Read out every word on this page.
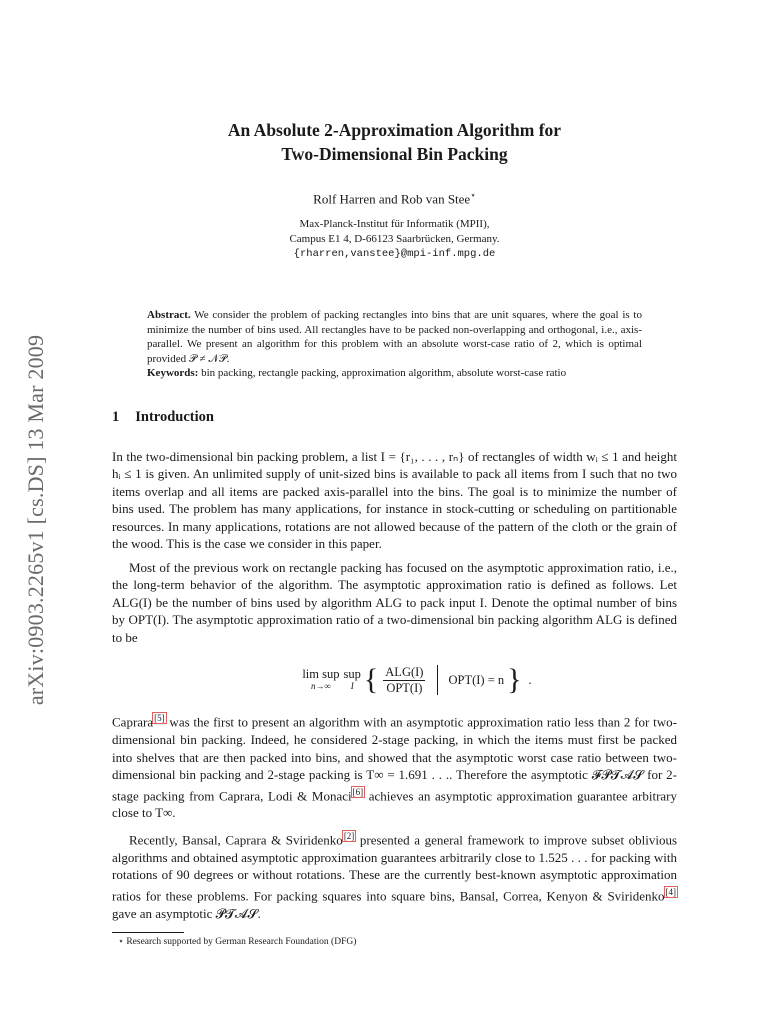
arXiv:0903.2265v1 [cs.DS] 13 Mar 2009
An Absolute 2-Approximation Algorithm for
Two-Dimensional Bin Packing
Rolf Harren and Rob van Stee⋆
Max-Planck-Institut für Informatik (MPII),
Campus E1 4, D-66123 Saarbrücken, Germany.
{rharren,vanstee}@mpi-inf.mpg.de
Abstract. We consider the problem of packing rectangles into bins that are unit squares, where the goal is to minimize the number of bins used. All rectangles have to be packed non-overlapping and orthogonal, i.e., axis-parallel. We present an algorithm for this problem with an absolute worst-case ratio of 2, which is optimal provided 𝒫 ≠ 𝒩𝒫.
Keywords: bin packing, rectangle packing, approximation algorithm, absolute worst-case ratio
1 Introduction

In the two-dimensional bin packing problem, a list I = {r₁, . . . , rₙ} of rectangles of width wᵢ ≤ 1 and height hᵢ ≤ 1 is given. An unlimited supply of unit-sized bins is available to pack all items from I such that no two items overlap and all items are packed axis-parallel into the bins. The goal is to minimize the number of bins used. The problem has many applications, for instance in stock-cutting or scheduling on partitionable resources. In many applications, rotations are not allowed because of the pattern of the cloth or the grain of the wood. This is the case we consider in this paper.

Most of the previous work on rectangle packing has focused on the asymptotic approximation ratio, i.e., the long-term behavior of the algorithm. The asymptotic approximation ratio is defined as follows. Let ALG(I) be the number of bins used by algorithm ALG to pack input I. Denote the optimal number of bins by OPT(I). The asymptotic approximation ratio of a two-dimensional bin packing algorithm ALG is defined to be

lim sup
n→∞
sup
I { $\frac{\text{ALG(I)}}{\text{OPT(I)}} OPT(I) = n$ } .

Caprara[5] was the first to present an algorithm with an asymptotic approximation ratio less than 2 for two-dimensional bin packing. Indeed, he considered 2-stage packing, in which the items must first be packed into shelves that are then packed into bins, and showed that the asymptotic worst case ratio between two-dimensional bin packing and 2-stage packing is T∞ = 1.691 . . .. Therefore the asymptotic 𝓕𝓟𝓣𝓐𝓢 for 2-stage packing from Caprara, Lodi & Monaci[6] achieves an asymptotic approximation guarantee arbitrary close to T∞.

Recently, Bansal, Caprara & Sviridenko[2] presented a general framework to improve subset oblivious algorithms and obtained asymptotic approximation guarantees arbitrarily close to 1.525 . . . for packing with rotations of 90 degrees or without rotations. These are the currently best-known asymptotic approximation ratios for these problems. For packing squares into square bins, Bansal, Correa, Kenyon & Sviridenko[4] gave an asymptotic 𝓟𝓣𝓐𝓢.

⋆ Research supported by German Research Foundation (DFG)
